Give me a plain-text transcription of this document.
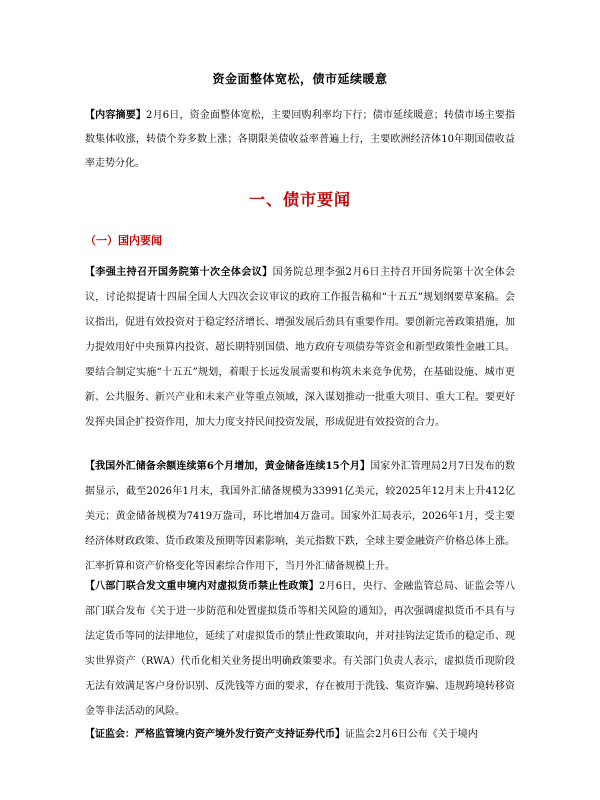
资金面整体宽松，债市延续暖意
【内容摘要】2月6日，资金面整体宽松，主要回购利率均下行；债市延续暖意；转债市场主要指数集体收涨，转债个券多数上涨；各期限美债收益率普遍上行，主要欧洲经济体10年期国债收益率走势分化。
一、债市要闻
（一）国内要闻
【李强主持召开国务院第十次全体会议】国务院总理李强2月6日主持召开国务院第十次全体会议，讨论拟提请十四届全国人大四次会议审议的政府工作报告稿和“十五五”规划纲要草案稿。会议指出，促进有效投资对于稳定经济增长、增强发展后劲具有重要作用。要创新完善政策措施，加力提效用好中央预算内投资、超长期特别国债、地方政府专项债券等资金和新型政策性金融工具。要结合制定实施“十五五”规划，着眼于长远发展需要和构筑未来竞争优势，在基础设施、城市更新、公共服务、新兴产业和未来产业等重点领域，深入谋划推动一批重大项目、重大工程。要更好发挥央国企扩投资作用，加大力度支持民间投资发展，形成促进有效投资的合力。
【我国外汇储备余额连续第6个月增加，黄金储备连续15个月】国家外汇管理局2月7日发布的数据显示，截至2026年1月末，我国外汇储备规模为33991亿美元，较2025年12月末上升412亿美元；黄金储备规模为7419万盎司，环比增加4万盎司。国家外汇局表示，2026年1月，受主要经济体财政政策、货币政策及预期等因素影响，美元指数下跌，全球主要金融资产价格总体上涨。汇率折算和资产价格变化等因素综合作用下，当月外汇储备规模上升。
【八部门联合发文重申境内对虚拟货币禁止性政策】2月6日，央行、金融监管总局、证监会等八部门联合发布《关于进一步防范和处置虚拟货币等相关风险的通知》，再次强调虚拟货币不具有与法定货币等同的法律地位，延续了对虚拟货币的禁止性政策取向，并对挂钩法定货币的稳定币、现实世界资产（RWA）代币化相关业务提出明确政策要求。有关部门负责人表示，虚拟货币现阶段无法有效满足客户身份识别、反洗钱等方面的要求，存在被用于洗钱、集资诈骗、违规跨境转移资金等非法活动的风险。
【证监会：严格监管境内资产境外发行资产支持证券代币】证监会2月6日公布《关于境内
